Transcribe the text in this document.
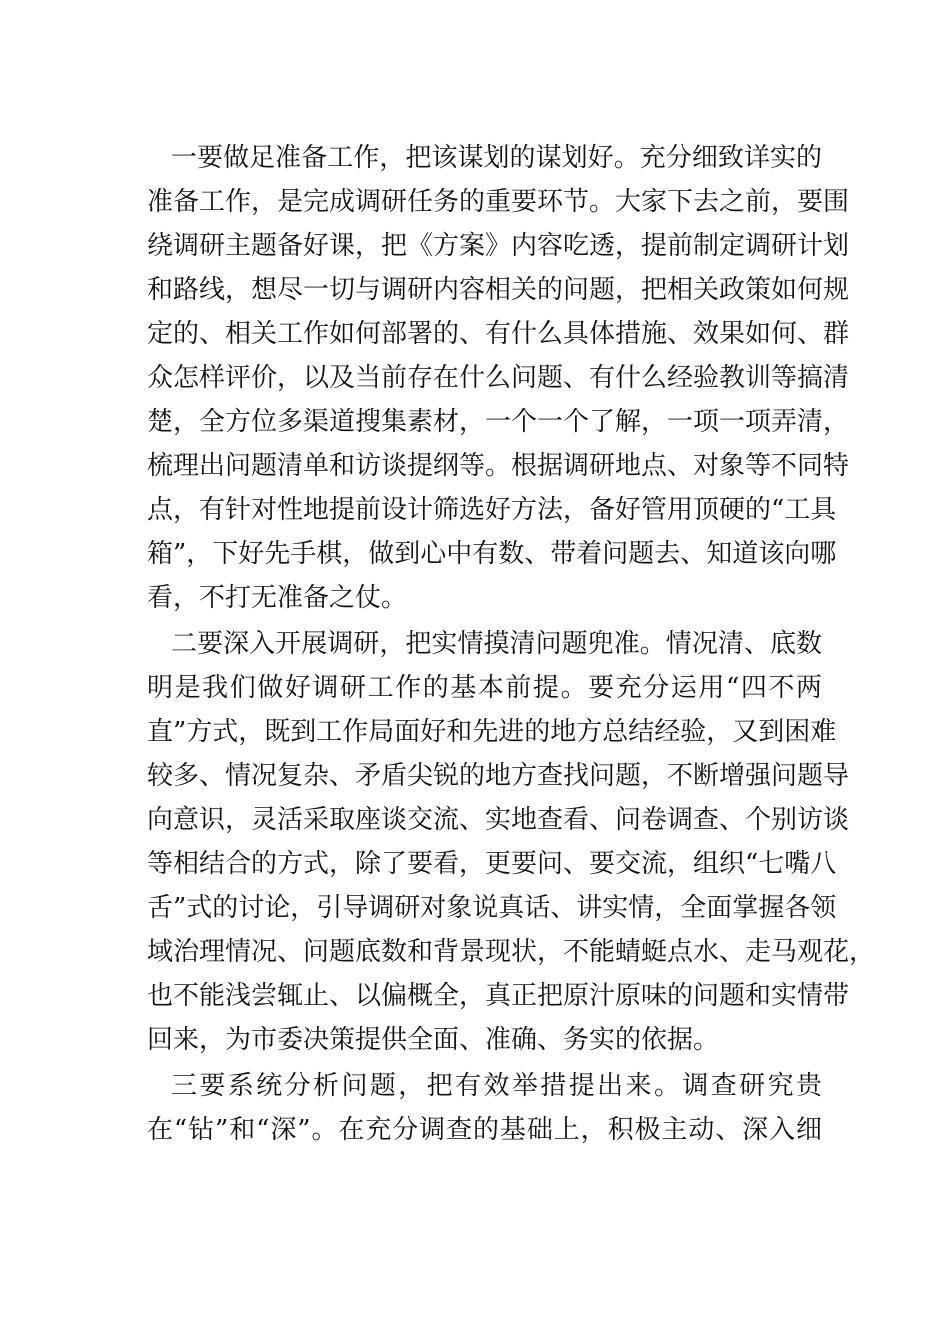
一要做足准备工作，把该谋划的谋划好。充分细致详实的
准备工作，是完成调研任务的重要环节。大家下去之前，要围
绕调研主题备好课，把《方案》内容吃透，提前制定调研计划
和路线，想尽一切与调研内容相关的问题，把相关政策如何规
定的、相关工作如何部署的、有什么具体措施、效果如何、群
众怎样评价，以及当前存在什么问题、有什么经验教训等搞清
楚，全方位多渠道搜集素材，一个一个了解，一项一项弄清，
梳理出问题清单和访谈提纲等。根据调研地点、对象等不同特
点，有针对性地提前设计筛选好方法，备好管用顶硬的“工具
箱”，下好先手棋，做到心中有数、带着问题去、知道该向哪
看，不打无准备之仗。
二要深入开展调研，把实情摸清问题兜准。情况清、底数
明是我们做好调研工作的基本前提。要充分运用“四不两
直”方式，既到工作局面好和先进的地方总结经验，又到困难
较多、情况复杂、矛盾尖锐的地方查找问题，不断增强问题导
向意识，灵活采取座谈交流、实地查看、问卷调查、个别访谈
等相结合的方式，除了要看，更要问、要交流，组织“七嘴八
舌”式的讨论，引导调研对象说真话、讲实情，全面掌握各领
域治理情况、问题底数和背景现状，不能蜻蜓点水、走马观花，
也不能浅尝辄止、以偏概全，真正把原汁原味的问题和实情带
回来，为市委决策提供全面、准确、务实的依据。
三要系统分析问题，把有效举措提出来。调查研究贵
在“钻”和“深”。在充分调查的基础上，积极主动、深入细
